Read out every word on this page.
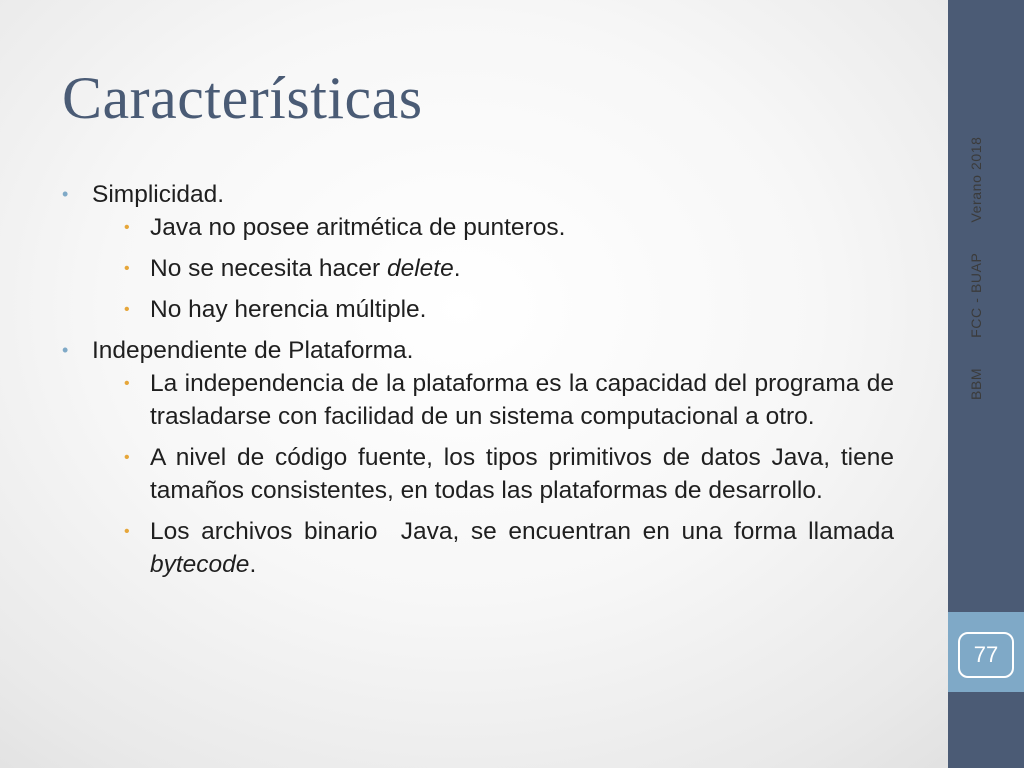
Características
• Simplicidad.
• Java no posee aritmética de punteros.
• No se necesita hacer delete.
• No hay herencia múltiple.
• Independiente de Plataforma.
• La independencia de la plataforma es la capacidad del programa de trasladarse con facilidad de un sistema computacional a otro.
• A nivel de código fuente, los tipos primitivos de datos Java, tiene tamaños consistentes, en todas las plataformas de desarrollo.
• Los archivos binario  Java, se encuentran en una forma llamada bytecode.
BBMFCC - BUAPVerano 2018
77
